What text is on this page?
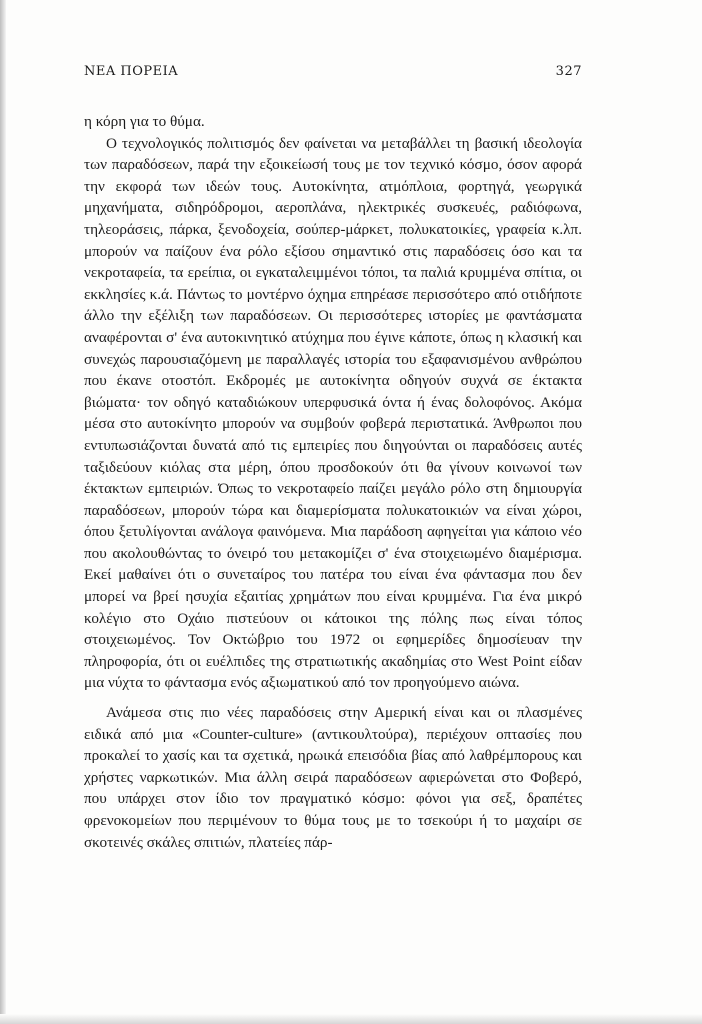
ΝΕΑ ΠΟΡΕΙΑ	327

η κόρη για το θύμα.

Ο τεχνολογικός πολιτισμός δεν φαίνεται να μεταβάλλει τη βασική ιδεολογία των παραδόσεων, παρά την εξοικείωσή τους με τον τεχνικό κόσμο, όσον αφορά την εκφορά των ιδεών τους. Αυτοκίνητα, ατμόπλοια, φορτηγά, γεωργικά μηχανήματα, σιδηρόδρομοι, αεροπλάνα, ηλεκτρικές συσκευές, ραδιόφωνα, τηλεοράσεις, πάρκα, ξενοδοχεία, σούπερ-μάρκετ, πολυκατοικίες, γραφεία κ.λπ. μπορούν να παίζουν ένα ρόλο εξίσου σημαντικό στις παραδόσεις όσο και τα νεκροταφεία, τα ερείπια, οι εγκαταλειμμένοι τόποι, τα παλιά κρυμμένα σπίτια, οι εκκλησίες κ.ά. Πάντως το μοντέρνο όχημα επηρέασε περισσότερο από οτιδήποτε άλλο την εξέλιξη των παραδόσεων. Οι περισσότερες ιστορίες με φαντάσματα αναφέρονται σ' ένα αυτοκινητικό ατύχημα που έγινε κάποτε, όπως η κλασική και συνεχώς παρουσιαζόμενη με παραλλαγές ιστορία του εξαφανισμένου ανθρώπου που έκανε οτοστόπ. Εκδρομές με αυτοκίνητα οδηγούν συχνά σε έκτακτα βιώματα· τον οδηγό καταδιώκουν υπερφυσικά όντα ή ένας δολοφόνος. Ακόμα μέσα στο αυτοκίνητο μπορούν να συμβούν φοβερά περιστατικά. Άνθρωποι που εντυπωσιάζονται δυνατά από τις εμπειρίες που διηγούνται οι παραδόσεις αυτές ταξιδεύουν κιόλας στα μέρη, όπου προσδοκούν ότι θα γίνουν κοινωνοί των έκτακτων εμπειριών. Όπως το νεκροταφείο παίζει μεγάλο ρόλο στη δημιουργία παραδόσεων, μπορούν τώρα και διαμερίσματα πολυκατοικιών να είναι χώροι, όπου ξετυλίγονται ανάλογα φαινόμενα. Μια παράδοση αφηγείται για κάποιο νέο που ακολουθώντας το όνειρό του μετακομίζει σ' ένα στοιχειωμένο διαμέρισμα. Εκεί μαθαίνει ότι ο συνεταίρος του πατέρα του είναι ένα φάντασμα που δεν μπορεί να βρεί ησυχία εξαιτίας χρημάτων που είναι κρυμμένα. Για ένα μικρό κολέγιο στο Οχάιο πιστεύουν οι κάτοικοι της πόλης πως είναι τόπος στοιχειωμένος. Τον Οκτώβριο του 1972 οι εφημερίδες δημοσίευαν την πληροφορία, ότι οι ευέλπιδες της στρατιωτικής ακαδημίας στο West Point είδαν μια νύχτα το φάντασμα ενός αξιωματικού από τον προηγούμενο αιώνα.

Ανάμεσα στις πιο νέες παραδόσεις στην Αμερική είναι και οι πλασμένες ειδικά από μια «Counter-culture» (αντικουλτούρα), περιέχουν οπτασίες που προκαλεί το χασίς και τα σχετικά, ηρωικά επεισόδια βίας από λαθρέμπορους και χρήστες ναρκωτικών. Μια άλλη σειρά παραδόσεων αφιερώνεται στο Φοβερό, που υπάρχει στον ίδιο τον πραγματικό κόσμο: φόνοι για σεξ, δραπέτες φρενοκομείων που περιμένουν το θύμα τους με το τσεκούρι ή το μαχαίρι σε σκοτεινές σκάλες σπιτιών, πλατείες πάρ-
